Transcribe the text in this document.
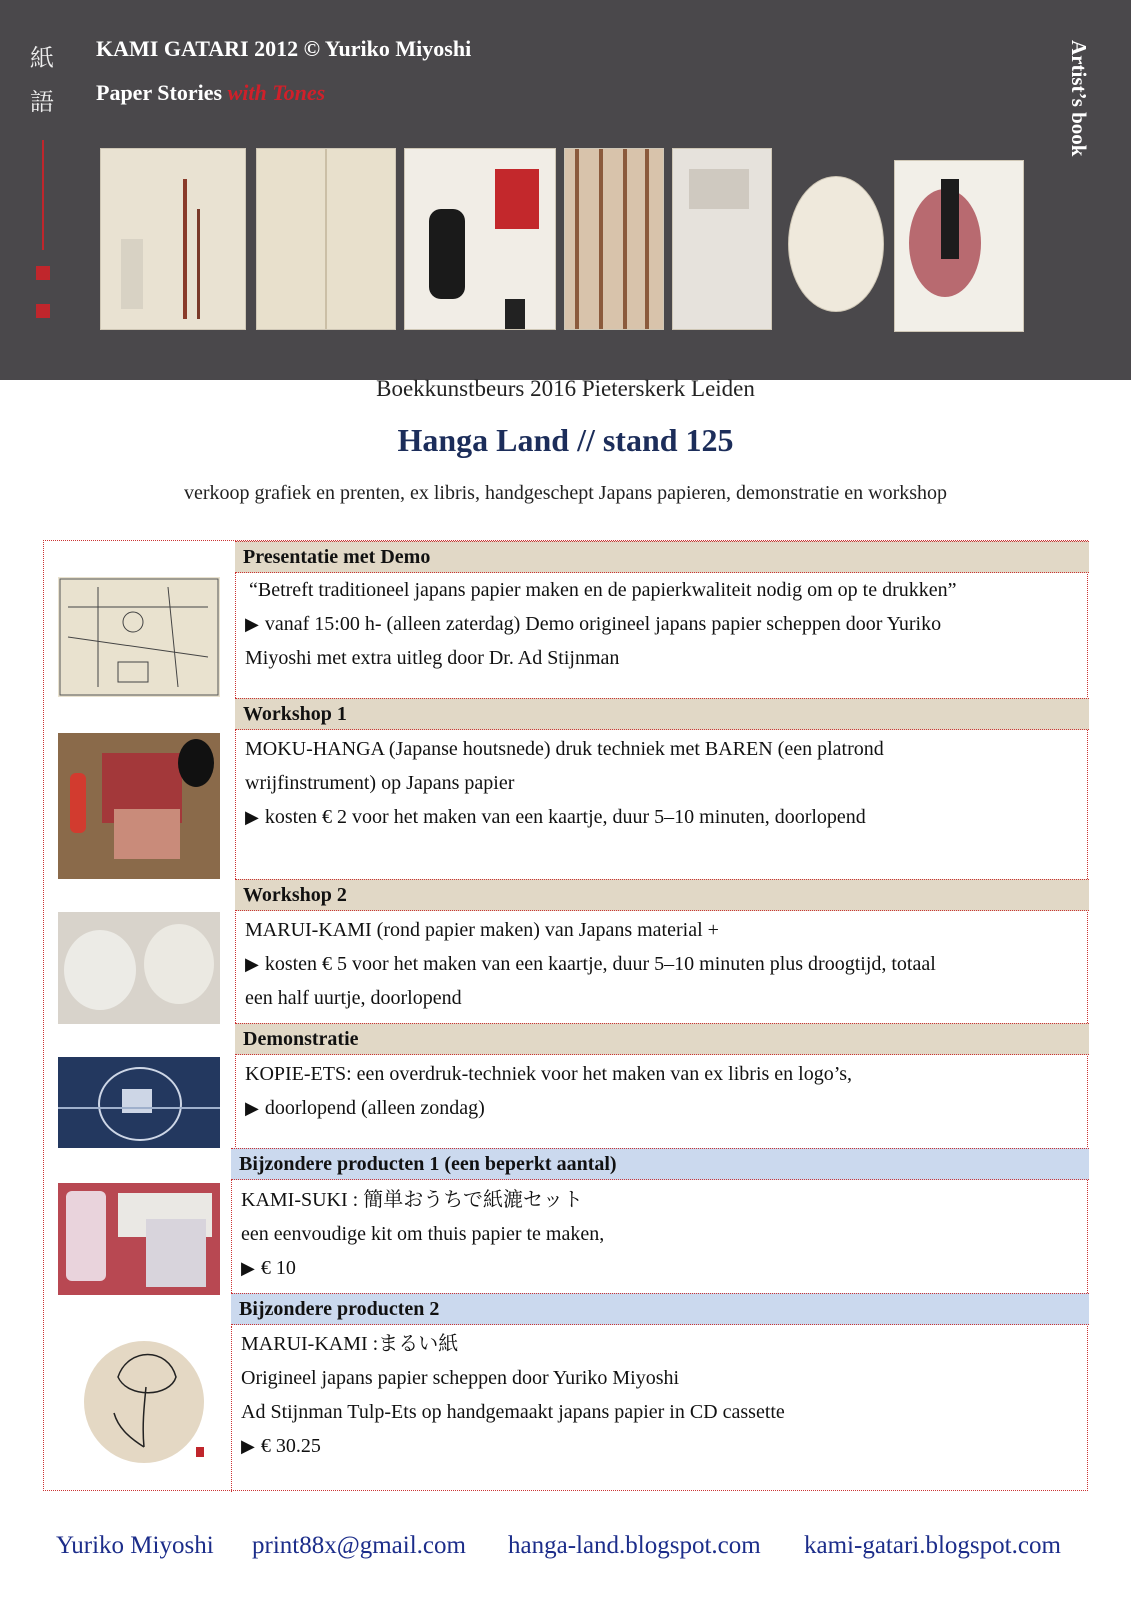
紙
語
KAMI GATARI 2012 © Yuriko Miyoshi
Paper Stories with Tones	Artist’s book
Boekkunstbeurs 2016 Pieterskerk Leiden
Hanga Land // stand 125
verkoop grafiek en prenten, ex libris, handgeschept Japans papieren, demonstratie en workshop
Presentatie met Demo

“Betreft traditioneel japans papier maken en de papierkwaliteit nodig om op te drukken”

▶ vanaf 15:00 h- (alleen zaterdag) Demo origineel japans papier scheppen door Yuriko

Miyoshi met extra uitleg door Dr. Ad Stijnman

Workshop 1

MOKU-HANGA (Japanse houtsnede) druk techniek met BAREN (een platrond

wrijfinstrument) op Japans papier

▶ kosten € 2 voor het maken van een kaartje, duur 5–10 minuten, doorlopend

Workshop 2

MARUI-KAMI (rond papier maken) van Japans material +

▶ kosten € 5 voor het maken van een kaartje, duur 5–10 minuten plus droogtijd, totaal

een half uurtje, doorlopend

Demonstratie

KOPIE-ETS: een overdruk-techniek voor het maken van ex libris en logo’s,

▶ doorlopend (alleen zondag)

Bijzondere producten 1 (een beperkt aantal)

KAMI-SUKI : 簡単おうちで紙漉セット

een eenvoudige kit om thuis papier te maken,

▶ € 10

Bijzondere producten 2

MARUI-KAMI :まるい紙

Origineel japans papier scheppen door Yuriko Miyoshi

Ad Stijnman Tulp-Ets op handgemaakt japans papier in CD cassette

▶ € 30.25

Yuriko Miyoshi print88x@gmail.com hanga-land.blogspot.com kami-gatari.blogspot.com
